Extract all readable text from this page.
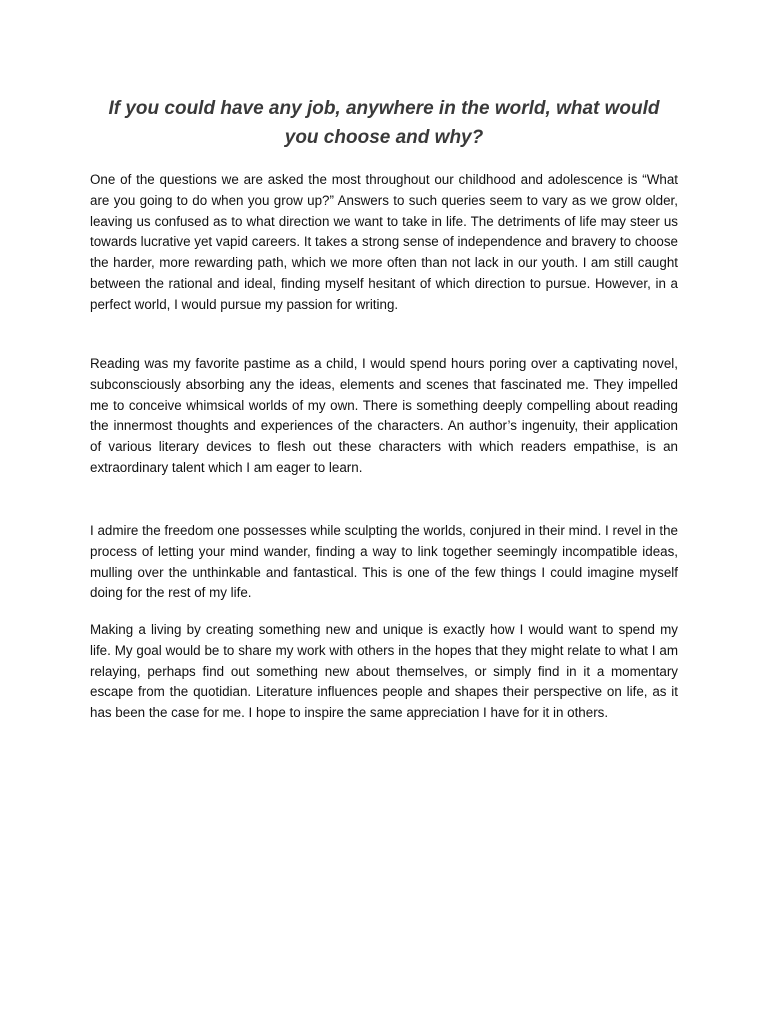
If you could have any job, anywhere in the world, what would you choose and why?

One of the questions we are asked the most throughout our childhood and adolescence is “What are you going to do when you grow up?” Answers to such queries seem to vary as we grow older, leaving us confused as to what direction we want to take in life. The detriments of life may steer us towards lucrative yet vapid careers. It takes a strong sense of independence and bravery to choose the harder, more rewarding path, which we more often than not lack in our youth. I am still caught between the rational and ideal, finding myself hesitant of which direction to pursue. However, in a perfect world, I would pursue my passion for writing.

Reading was my favorite pastime as a child, I would spend hours poring over a captivating novel, subconsciously absorbing any the ideas, elements and scenes that fascinated me. They impelled me to conceive whimsical worlds of my own. There is something deeply compelling about reading the innermost thoughts and experiences of the characters. An author’s ingenuity, their application of various literary devices to flesh out these characters with which readers empathise, is an extraordinary talent which I am eager to learn.

I admire the freedom one possesses while sculpting the worlds, conjured in their mind. I revel in the process of letting your mind wander, finding a way to link together seemingly incompatible ideas, mulling over the unthinkable and fantastical. This is one of the few things I could imagine myself doing for the rest of my life.

Making a living by creating something new and unique is exactly how I would want to spend my life. My goal would be to share my work with others in the hopes that they might relate to what I am relaying, perhaps find out something new about themselves, or simply find in it a momentary escape from the quotidian. Literature influences people and shapes their perspective on life, as it has been the case for me. I hope to inspire the same appreciation I have for it in others.
